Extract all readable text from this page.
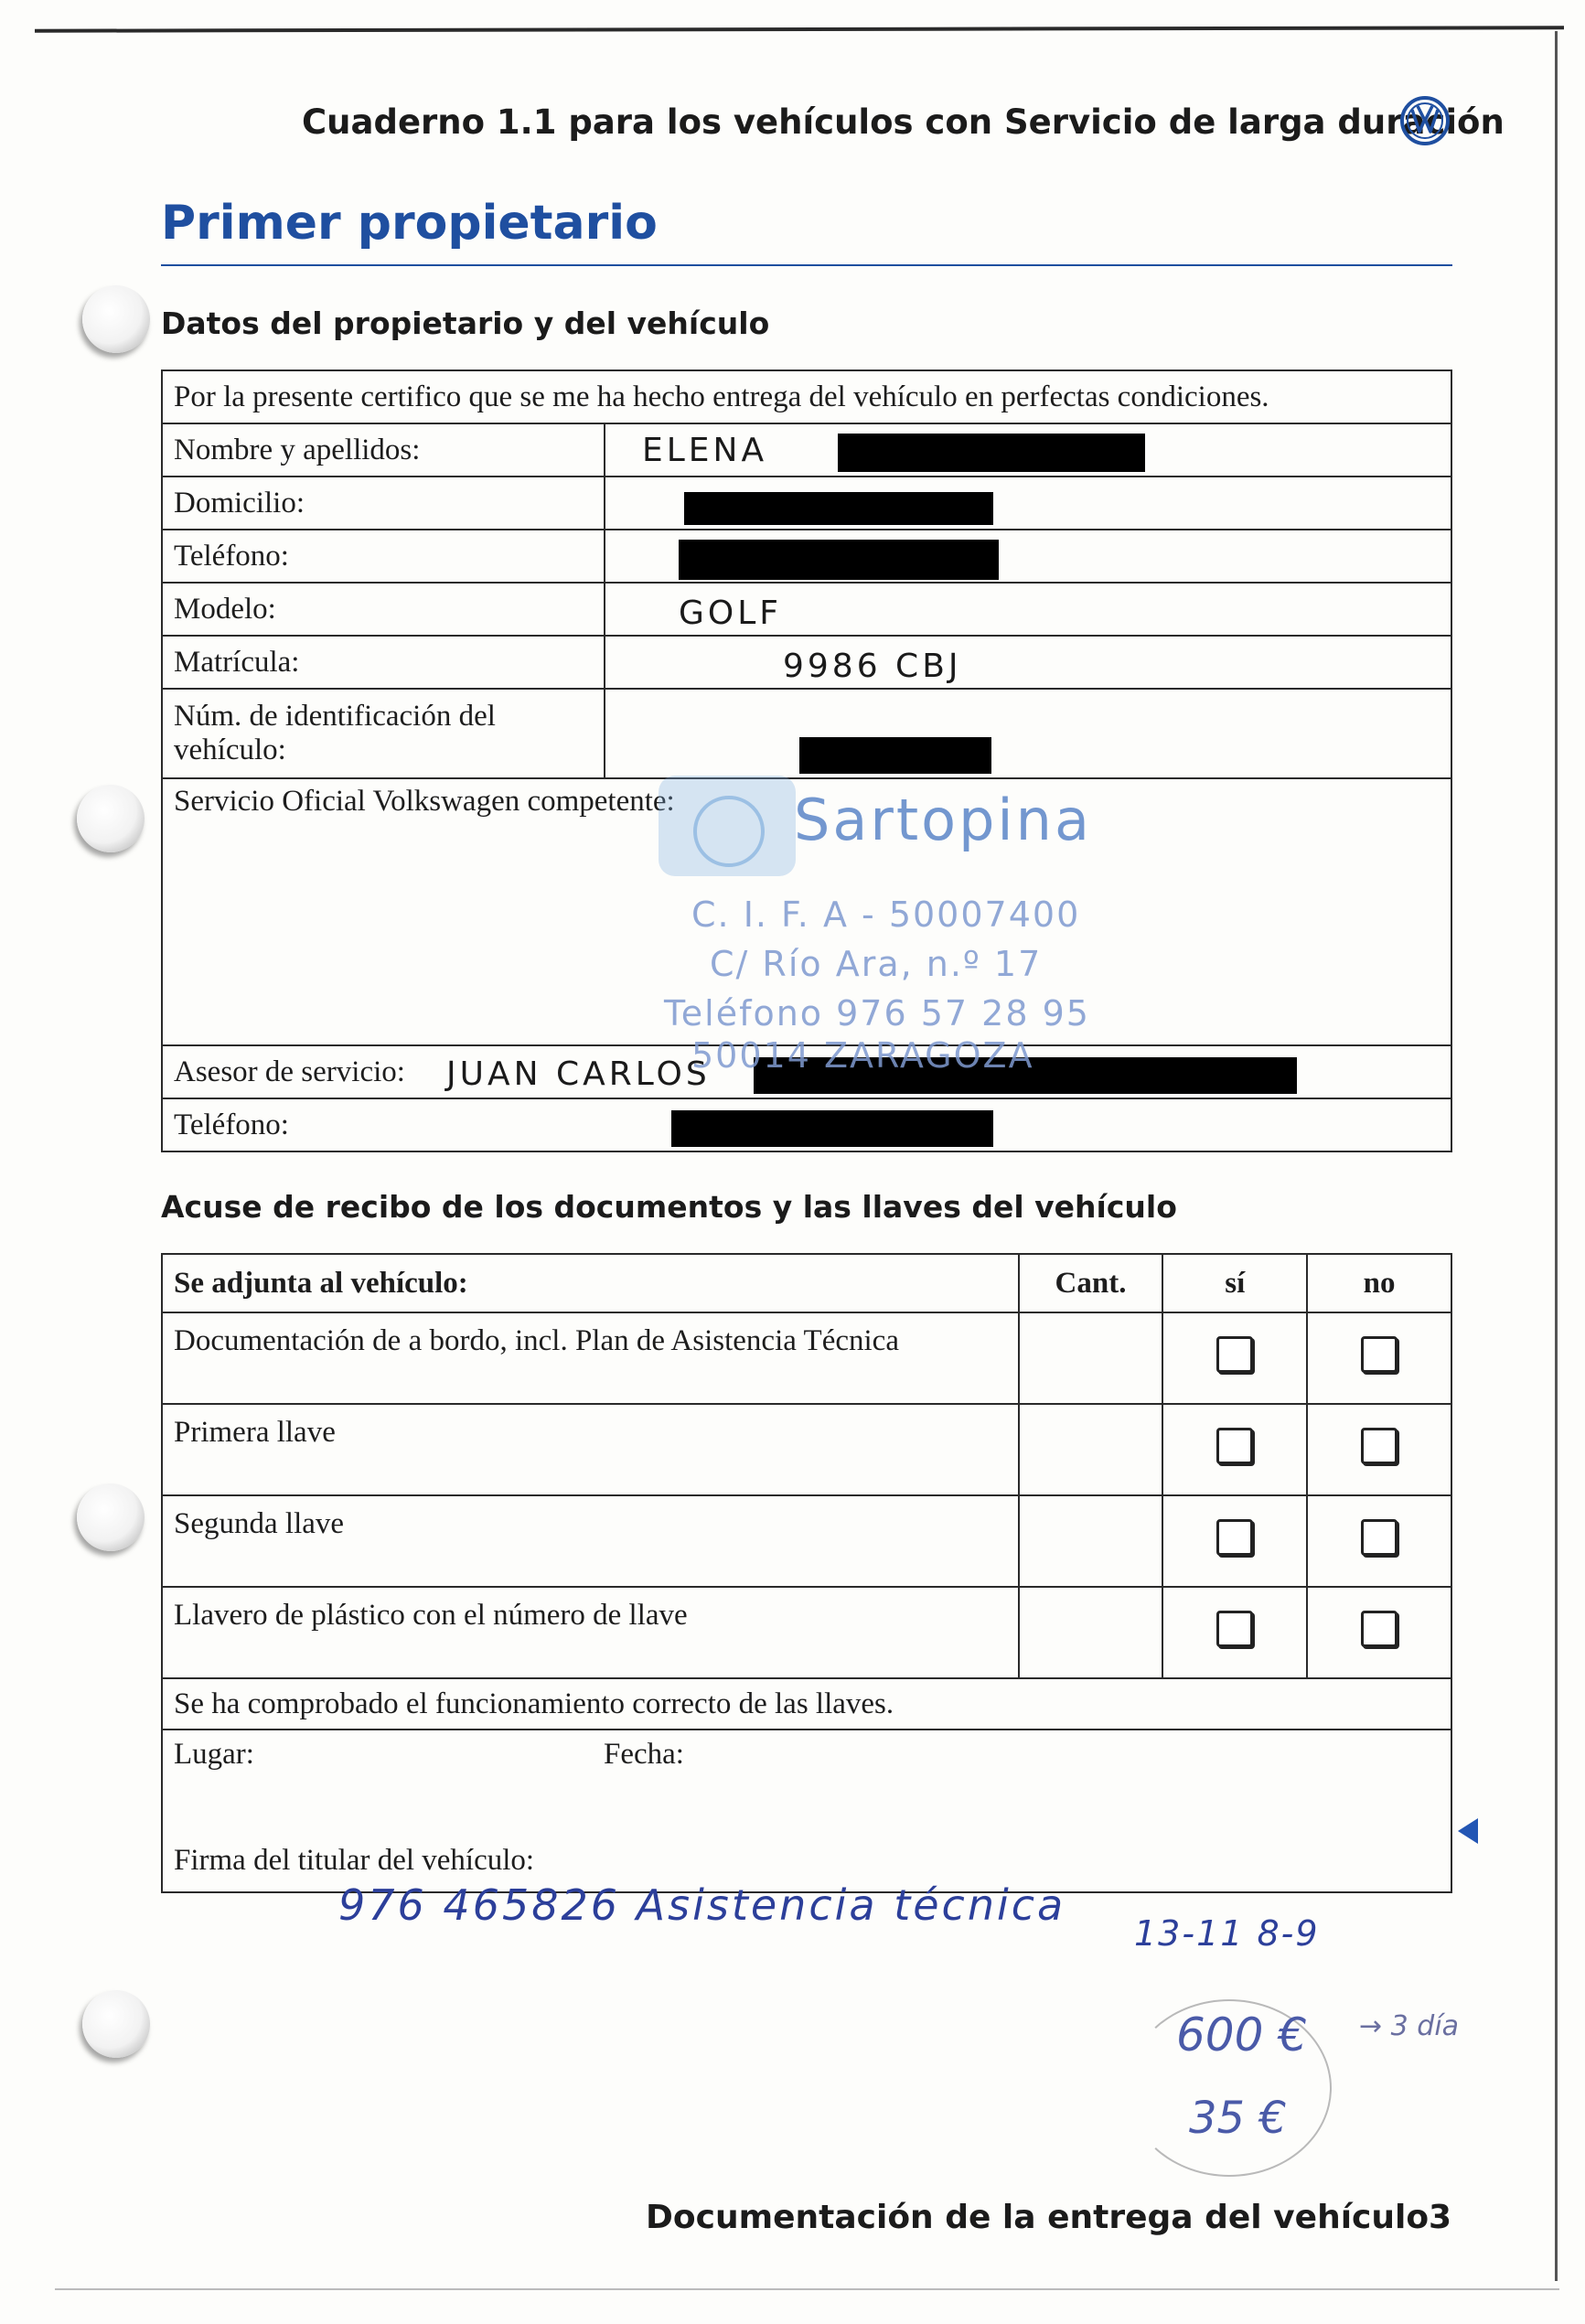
Cuaderno 1.1 para los vehículos con Servicio de larga duración
Primer propietario
Datos del propietario y del vehículo
Por la presente certifico que se me ha hecho entrega del vehículo en perfectas condiciones.	
Nombre y apellidos:	ELENA

Domicilio:	

Teléfono:	

Modelo:	GOLF

Matrícula:	9986 CBJ

Núm. de identificación del vehículo:	

Servicio Oficial Volkswagen competente:	
Asesor de servicio: JUAN CARLOS	

Teléfono:	
Sartopina
C. I. F. A - 50007400
C/ Río Ara, n.º 17
Teléfono 976 57 28 95
50014 ZARAGOZA
Acuse de recibo de los documentos y las llaves del vehículo
Se adjunta al vehículo:	Cant.	sí	no
Documentación de a bordo, incl. Plan de Asistencia Técnica			
Primera llave			
Segunda llave			
Llavero de plástico con el número de llave			
Se ha comprobado el funcionamiento correcto de las llaves.			

Lugar: Fecha:
Firma del titular del vehículo:			
976 465826 Asistencia técnica
13-11 8-9
600 € → 3 día
35 €
Documentación de la entrega del vehículo 3
